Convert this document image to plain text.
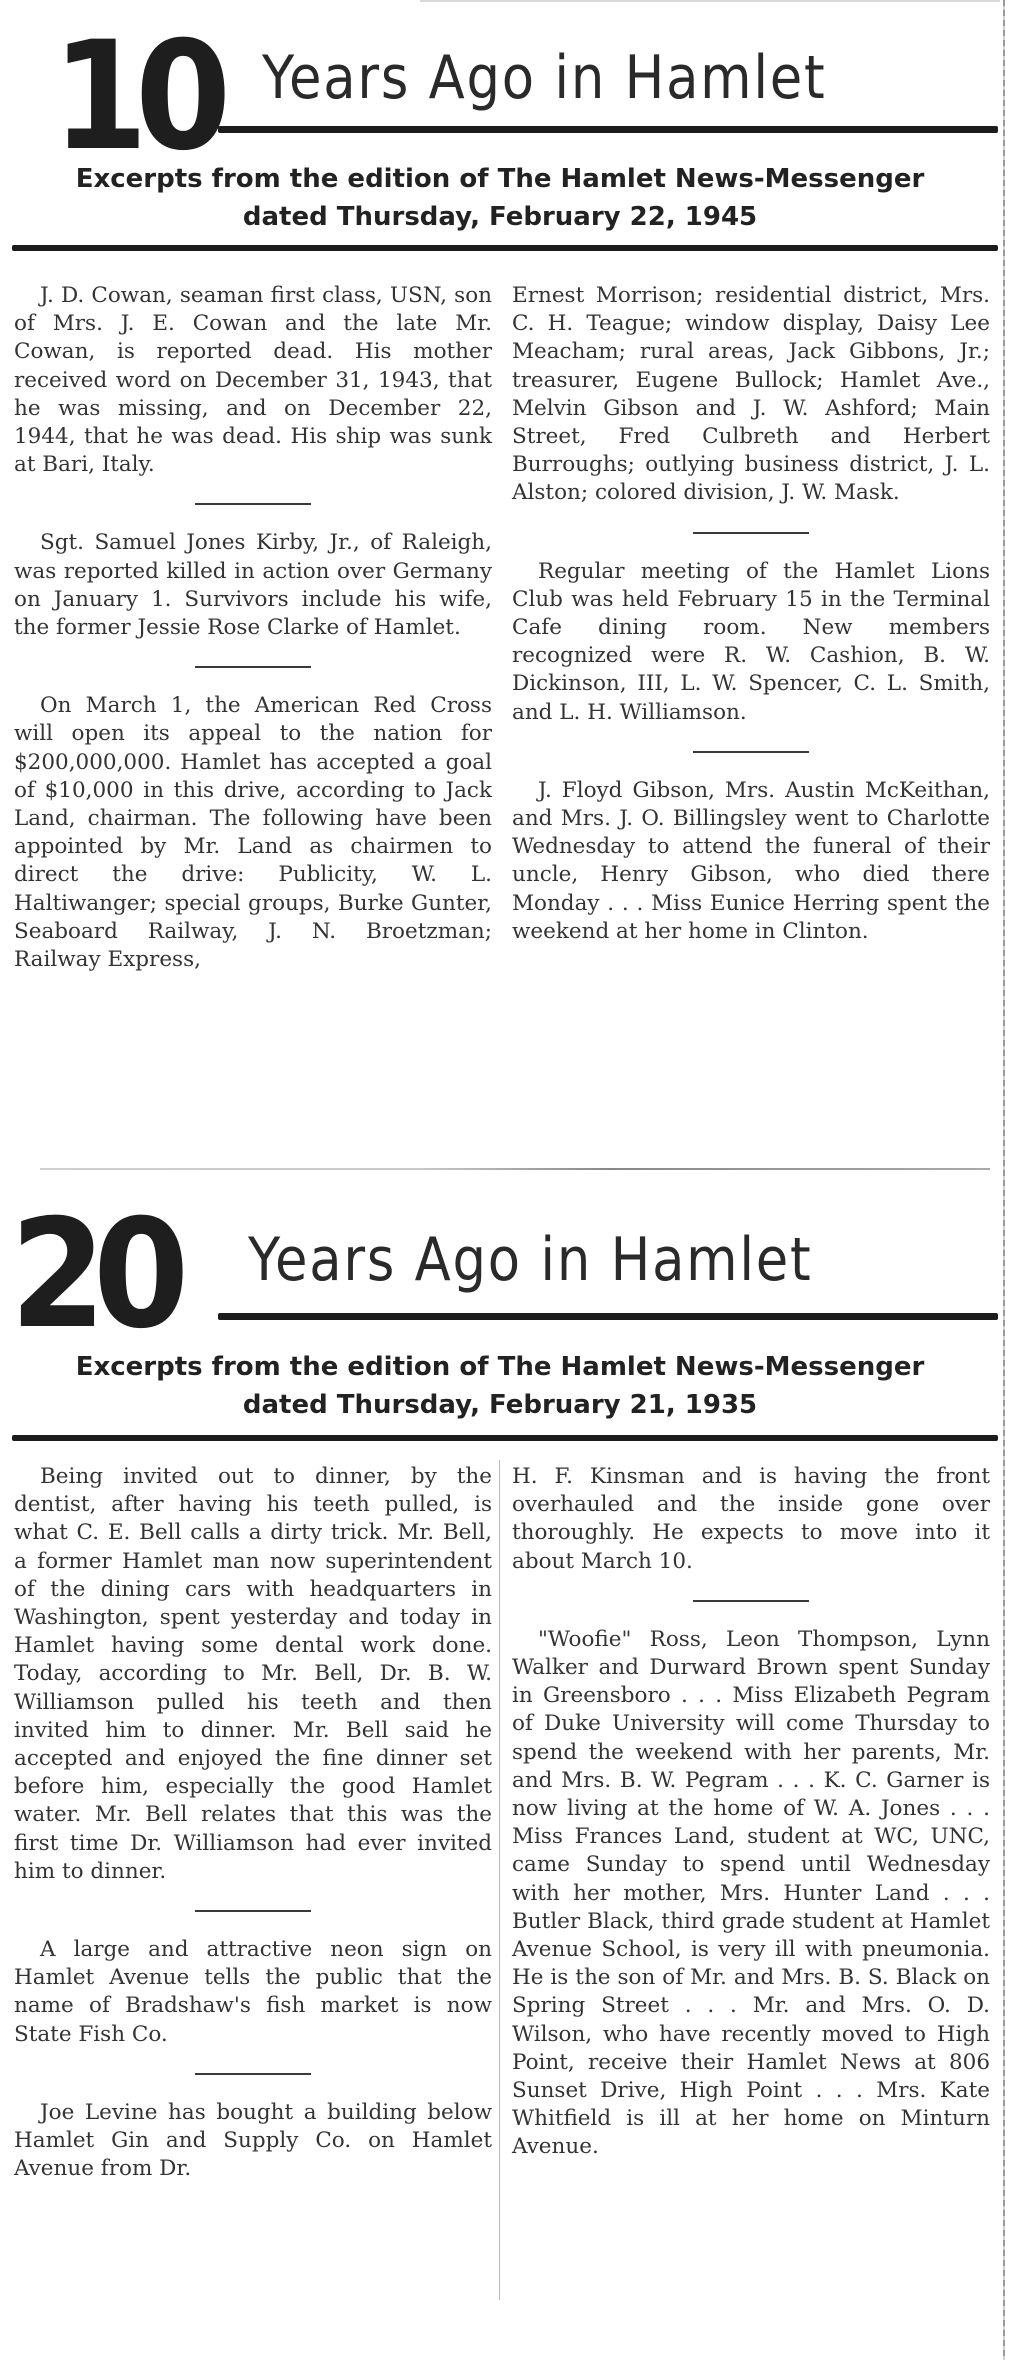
10 Years Ago in Hamlet
Excerpts from the edition of The Hamlet News-Messenger
dated Thursday, February 22, 1945

J. D. Cowan, seaman first class, USN, son of Mrs. J. E. Cowan and the late Mr. Cowan, is reported dead. His mother received word on December 31, 1943, that he was missing, and on December 22, 1944, that he was dead. His ship was sunk at Bari, Italy.

Sgt. Samuel Jones Kirby, Jr., of Raleigh, was reported killed in action over Germany on January 1. Survivors include his wife, the former Jessie Rose Clarke of Hamlet.

On March 1, the American Red Cross will open its appeal to the nation for $200,000,000. Hamlet has accepted a goal of $10,000 in this drive, according to Jack Land, chairman. The following have been appointed by Mr. Land as chairmen to direct the drive: Publicity, W. L. Haltiwanger; special groups, Burke Gunter, Seaboard Railway, J. N. Broetzman; Railway Express,

Ernest Morrison; residential district, Mrs. C. H. Teague; window display, Daisy Lee Meacham; rural areas, Jack Gibbons, Jr.; treasurer, Eugene Bullock; Hamlet Ave., Melvin Gibson and J. W. Ashford; Main Street, Fred Culbreth and Herbert Burroughs; outlying business district, J. L. Alston; colored division, J. W. Mask.

Regular meeting of the Hamlet Lions Club was held February 15 in the Terminal Cafe dining room. New members recognized were R. W. Cashion, B. W. Dickinson, III, L. W. Spencer, C. L. Smith, and L. H. Williamson.

J. Floyd Gibson, Mrs. Austin McKeithan, and Mrs. J. O. Billingsley went to Charlotte Wednesday to attend the funeral of their uncle, Henry Gibson, who died there Monday . . . Miss Eunice Herring spent the weekend at her home in Clinton.

20 Years Ago in Hamlet
Excerpts from the edition of The Hamlet News-Messenger
dated Thursday, February 21, 1935

Being invited out to dinner, by the dentist, after having his teeth pulled, is what C. E. Bell calls a dirty trick. Mr. Bell, a former Hamlet man now superintendent of the dining cars with headquarters in Washington, spent yesterday and today in Hamlet having some dental work done. Today, according to Mr. Bell, Dr. B. W. Williamson pulled his teeth and then invited him to dinner. Mr. Bell said he accepted and enjoyed the fine dinner set before him, especially the good Hamlet water. Mr. Bell relates that this was the first time Dr. Williamson had ever invited him to dinner.

A large and attractive neon sign on Hamlet Avenue tells the public that the name of Bradshaw's fish market is now State Fish Co.

Joe Levine has bought a building below Hamlet Gin and Supply Co. on Hamlet Avenue from Dr.

H. F. Kinsman and is having the front overhauled and the inside gone over thoroughly. He expects to move into it about March 10.

"Woofie" Ross, Leon Thompson, Lynn Walker and Durward Brown spent Sunday in Greensboro . . . Miss Elizabeth Pegram of Duke University will come Thursday to spend the weekend with her parents, Mr. and Mrs. B. W. Pegram . . . K. C. Garner is now living at the home of W. A. Jones . . . Miss Frances Land, student at WC, UNC, came Sunday to spend until Wednesday with her mother, Mrs. Hunter Land . . . Butler Black, third grade student at Hamlet Avenue School, is very ill with pneumonia. He is the son of Mr. and Mrs. B. S. Black on Spring Street . . . Mr. and Mrs. O. D. Wilson, who have recently moved to High Point, receive their Hamlet News at 806 Sunset Drive, High Point . . . Mrs. Kate Whitfield is ill at her home on Minturn Avenue.
